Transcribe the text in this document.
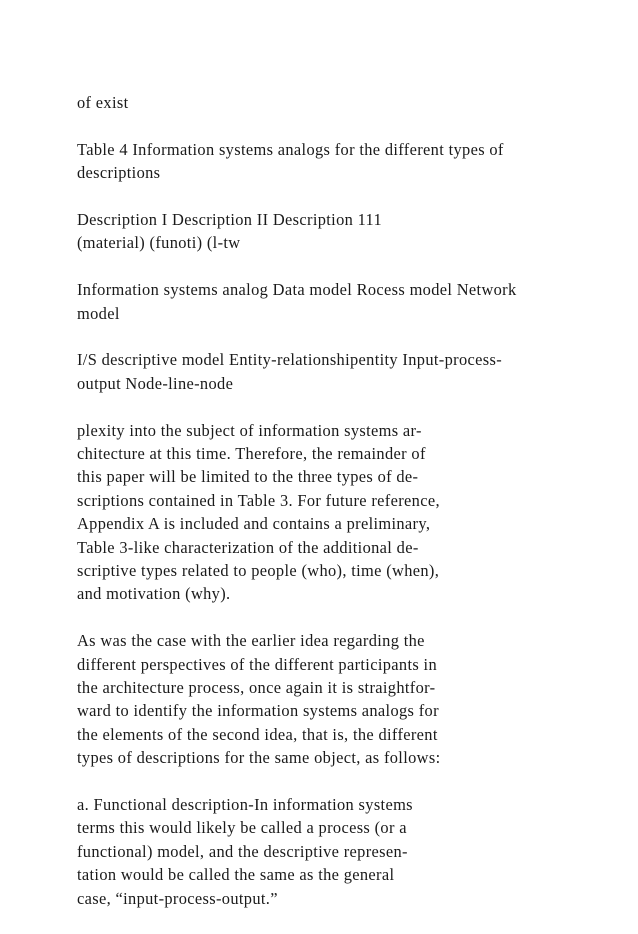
of exist
Table 4 Information systems analogs for the different types of
descriptions
Description I Description II Description 111
(material) (funoti) (l-tw
Information systems analog Data model Rocess model Network
model
I/S descriptive model Entity-relationshipentity Input-process-
output Node-line-node
plexity into the subject of information systems ar-
chitecture at this time. Therefore, the remainder of
this paper will be limited to the three types of de-
scriptions contained in Table 3. For future reference,
Appendix A is included and contains a preliminary,
Table 3-like characterization of the additional de-
scriptive types related to people (who), time (when),
and motivation (why).
As was the case with the earlier idea regarding the
different perspectives of the different participants in
the architecture process, once again it is straightfor-
ward to identify the information systems analogs for
the elements of the second idea, that is, the different
types of descriptions for the same object, as follows:
a. Functional description-In information systems
terms this would likely be called a process (or a
functional) model, and the descriptive represen-
tation would be called the same as the general
case, “input-process-output.”
